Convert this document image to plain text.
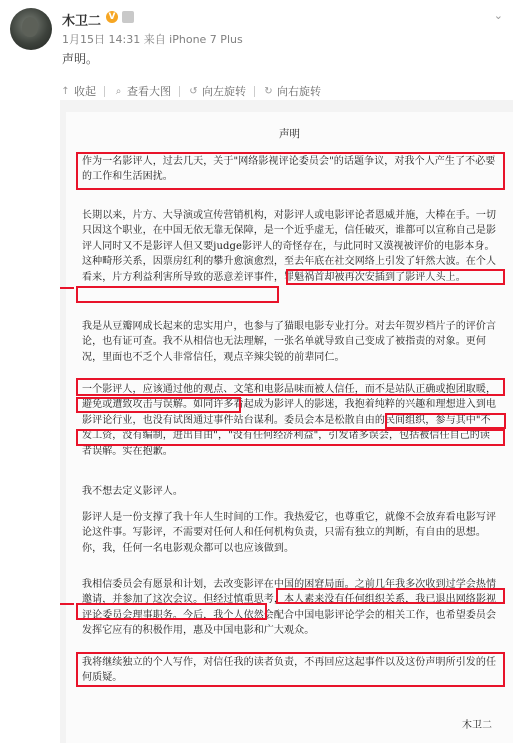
木卫二 V	⌄
1月15日 14:31 来自 iPhone 7 Plus
声明。
↑ 收起 ⌕ 查看大图 ↺ 向左旋转 ↻ 向右旋转
声明
作为一名影评人，过去几天，关于"网络影视评论委员会"的话题争议，对我个人产生了不必要的工作和生活困扰。
长期以来，片方、大导演或宣传营销机构，对影评人或电影评论者恩威并施，大棒在手。一切只因这个职业，在中国无依无靠无保障，是一个近乎虚无，信任破灭，谁都可以宣称自己是影评人同时又不是影评人但又要judge影评人的奇怪存在，与此同时又漠视被评价的电影本身。这种畸形关系，因票房红利的攀升愈演愈烈，至去年底在社交网络上引发了轩然大波。在个人看来，片方利益利害所导致的恶意差评事件，罪魁祸首却被再次安插到了影评人头上。
我是从豆瓣网成长起来的忠实用户，也参与了猫眼电影专业打分。对去年贺岁档片子的评价言论，也有证可查。我不从相信也无法理解，一张名单就导致自己变成了被指责的对象。更何况，里面也不乏个人非常信任，观点辛辣尖锐的前辈同仁。
一个影评人，应该通过他的观点、文笔和电影品味而被人信任，而不是站队正确或抱团取暖，避免或遭致攻击与误解。如同许多看起成为影评人的影迷，我抱着纯粹的兴趣和理想进入到电影评论行业，也没有试图通过事件站台谋利。委员会本是松散自由的民间组织，参与其中"不发工资，没有编制，进出自由"，"没有任何经济利益"，引发诸多误会，包括被信任自己的读者误解。实在抱歉。
我不想去定义影评人。
影评人是一份支撑了我十年人生时间的工作。我热爱它，也尊重它，就像不会放弃看电影写评论这件事。写影评，不需要对任何人和任何机构负责，只需有独立的判断，有自由的思想。你，我，任何一名电影观众都可以也应该做到。
我相信委员会有愿景和计划，去改变影评在中国的困窘局面。之前几年我多次收到过学会热情邀请，并参加了这次会议。但经过慎重思考，本人素来没有任何组织关系，我已退出网络影视评论委员会理事职务。今后，我个人依然会配合中国电影评论学会的相关工作，也希望委员会发挥它应有的积极作用，惠及中国电影和广大观众。
我将继续独立的个人写作，对信任我的读者负责，不再回应这起事件以及这份声明所引发的任何质疑。
木卫二
